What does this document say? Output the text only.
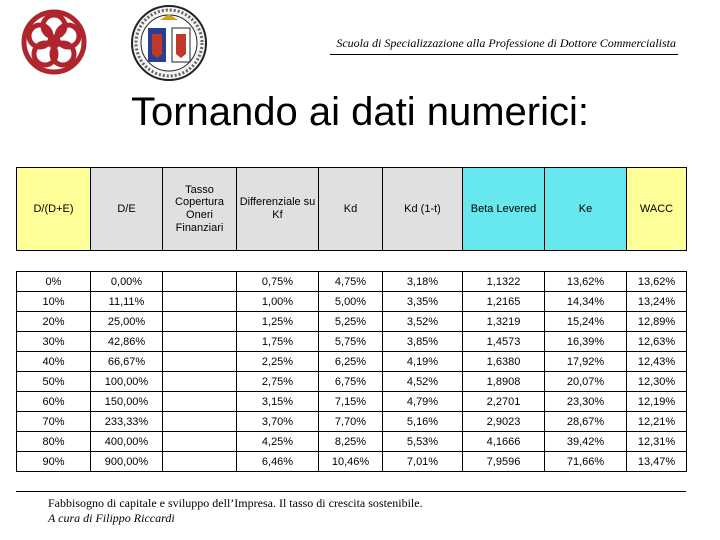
Scuola di Specializzazione alla Professione di Dottore Commercialista
Tornando ai dati numerici:
D/(D+E)	D/E	Tasso Copertura Oneri Finanziari	Differenziale su Kf	Kd	Kd (1-t)	Beta Levered	Ke	WACC
0%	0,00%		0,75%	4,75%	3,18%	1,1322	13,62%	13,62%
10%	11,11%		1,00%	5,00%	3,35%	1,2165	14,34%	13,24%
20%	25,00%		1,25%	5,25%	3,52%	1,3219	15,24%	12,89%
30%	42,86%		1,75%	5,75%	3,85%	1,4573	16,39%	12,63%
40%	66,67%		2,25%	6,25%	4,19%	1,6380	17,92%	12,43%
50%	100,00%		2,75%	6,75%	4,52%	1,8908	20,07%	12,30%
60%	150,00%		3,15%	7,15%	4,79%	2,2701	23,30%	12,19%
70%	233,33%		3,70%	7,70%	5,16%	2,9023	28,67%	12,21%
80%	400,00%		4,25%	8,25%	5,53%	4,1666	39,42%	12,31%
90%	900,00%		6,46%	10,46%	7,01%	7,9596	71,66%	13,47%
Fabbisogno di capitale e sviluppo dell’Impresa. Il tasso di crescita sostenibile.
A cura di Filippo Riccardi
